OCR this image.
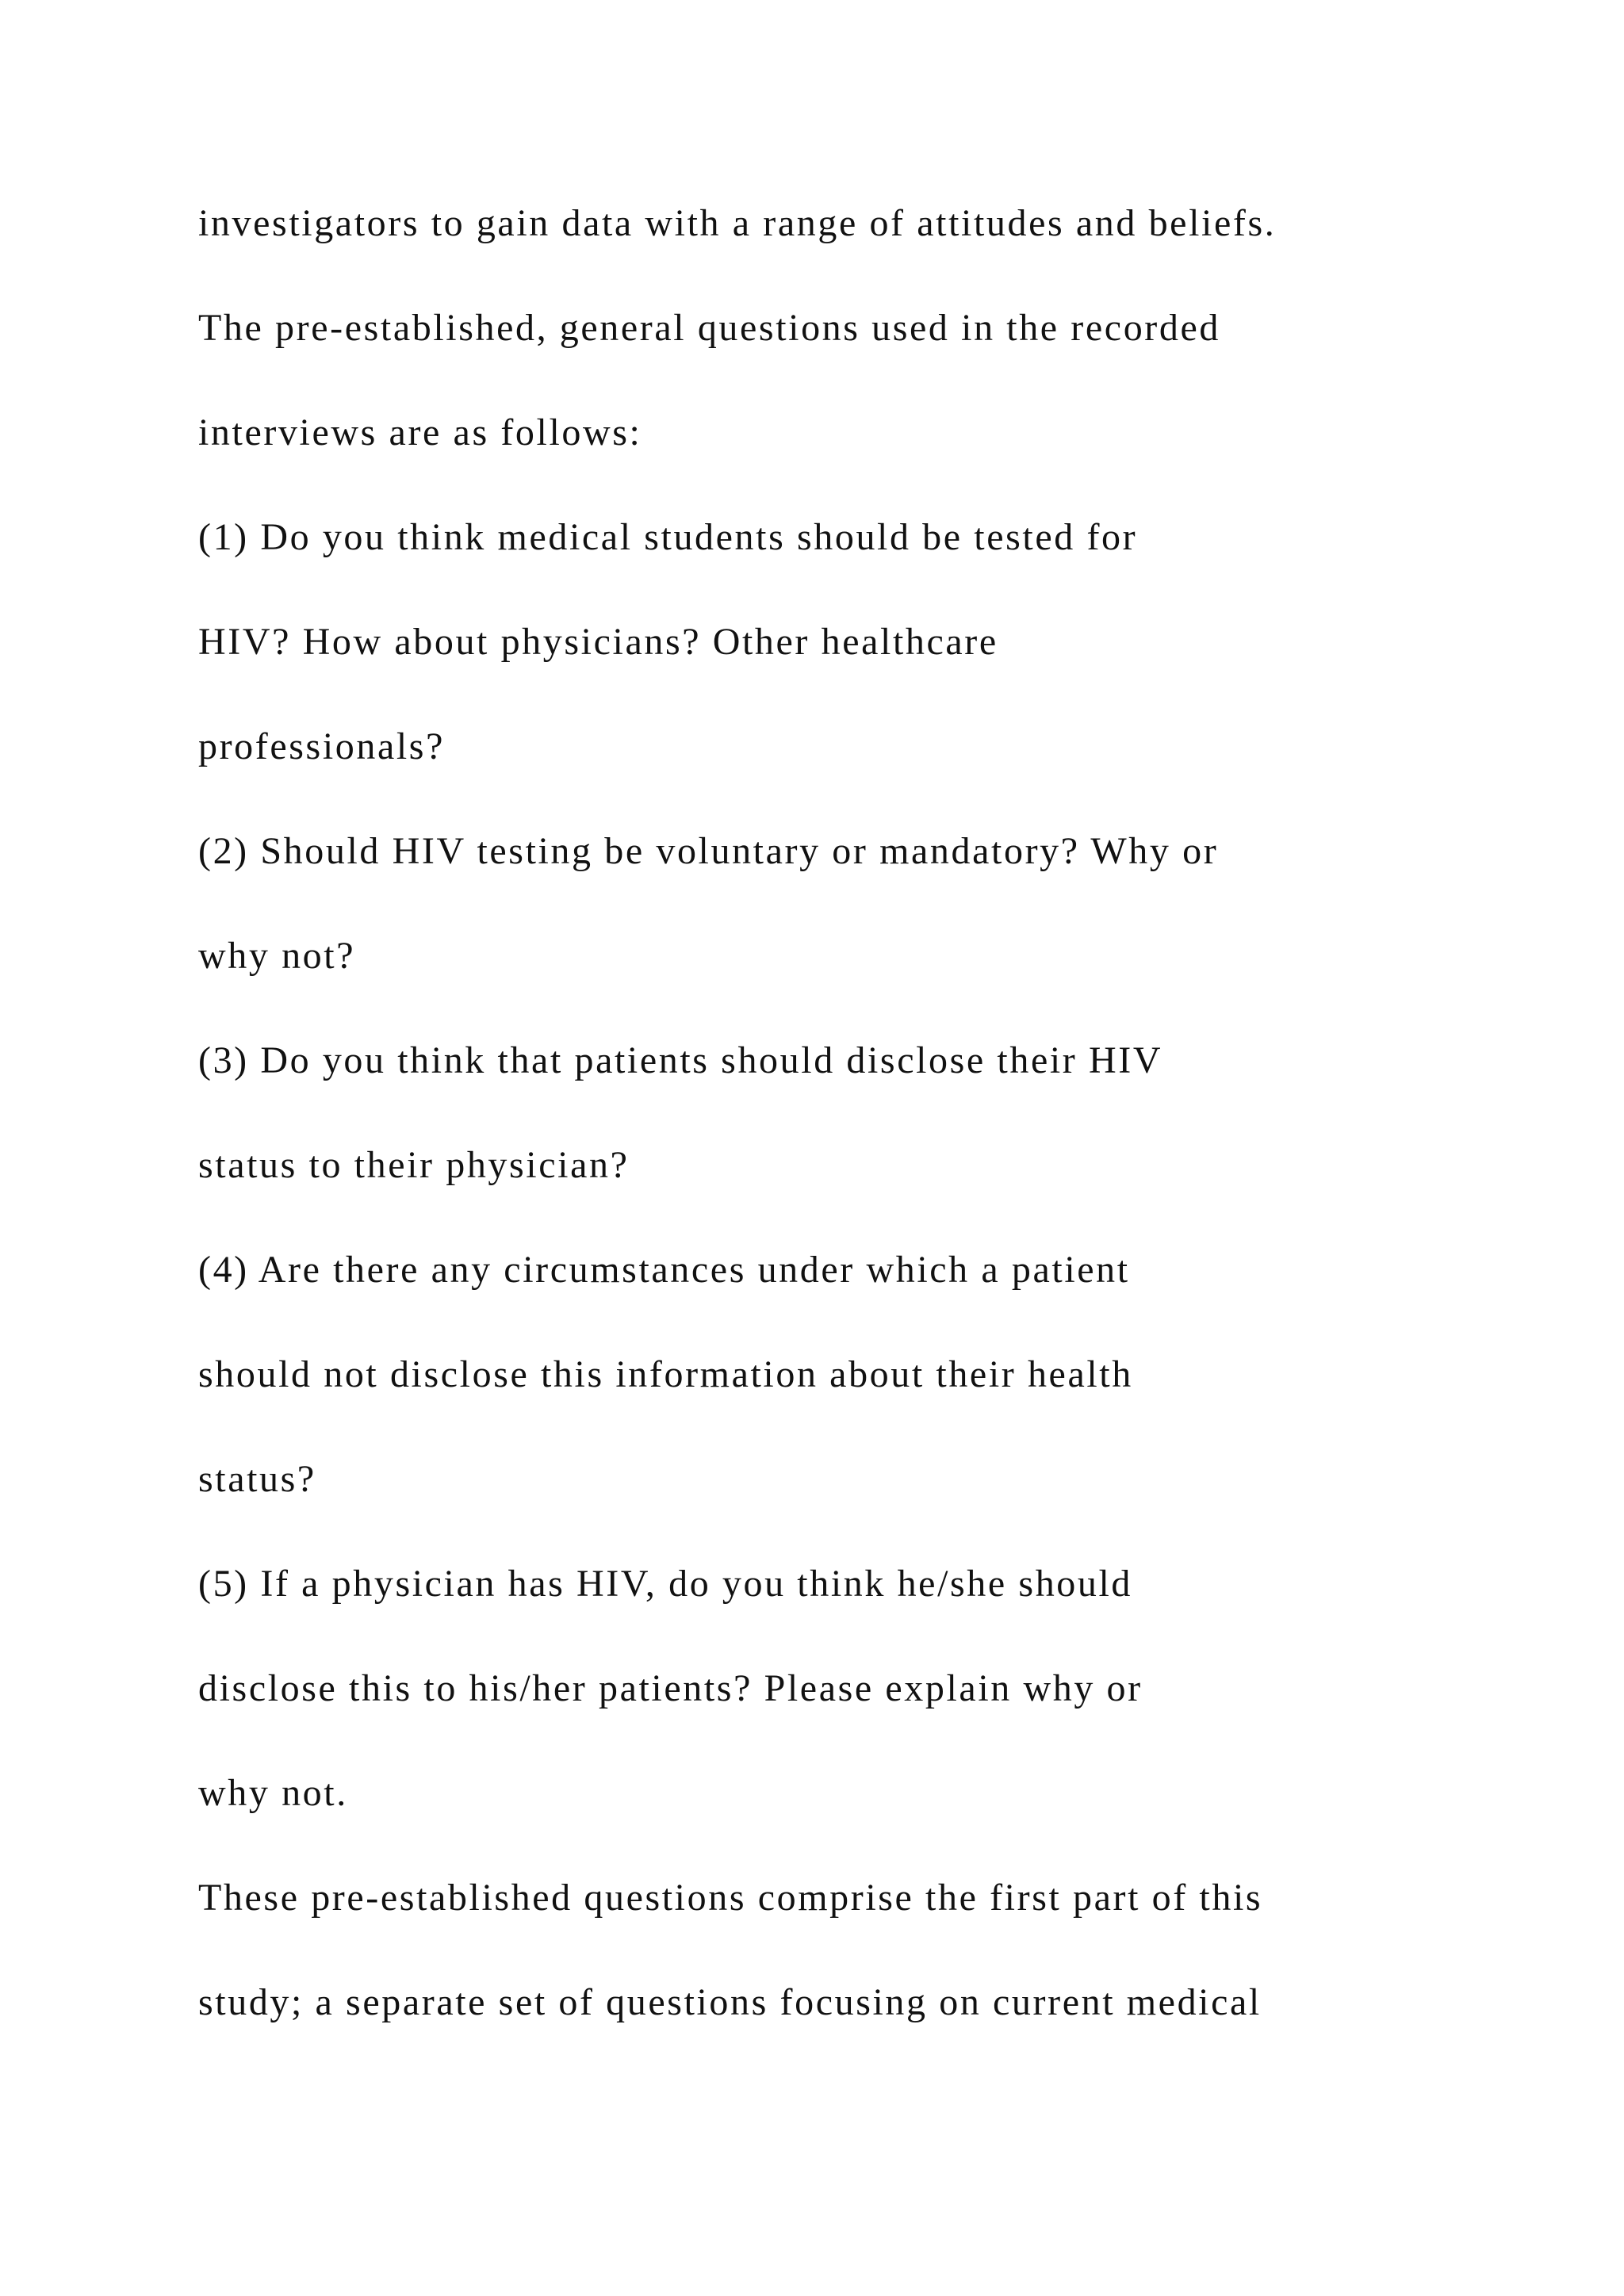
investigators to gain data with a range of attitudes and beliefs.
The pre-established, general questions used in the recorded
interviews are as follows:
(1) Do you think medical students should be tested for
HIV? How about physicians? Other healthcare
professionals?
(2) Should HIV testing be voluntary or mandatory? Why or
why not?
(3) Do you think that patients should disclose their HIV
status to their physician?
(4) Are there any circumstances under which a patient
should not disclose this information about their health
status?
(5) If a physician has HIV, do you think he/she should
disclose this to his/her patients? Please explain why or
why not.
These pre-established questions comprise the first part of this
study; a separate set of questions focusing on current medical
